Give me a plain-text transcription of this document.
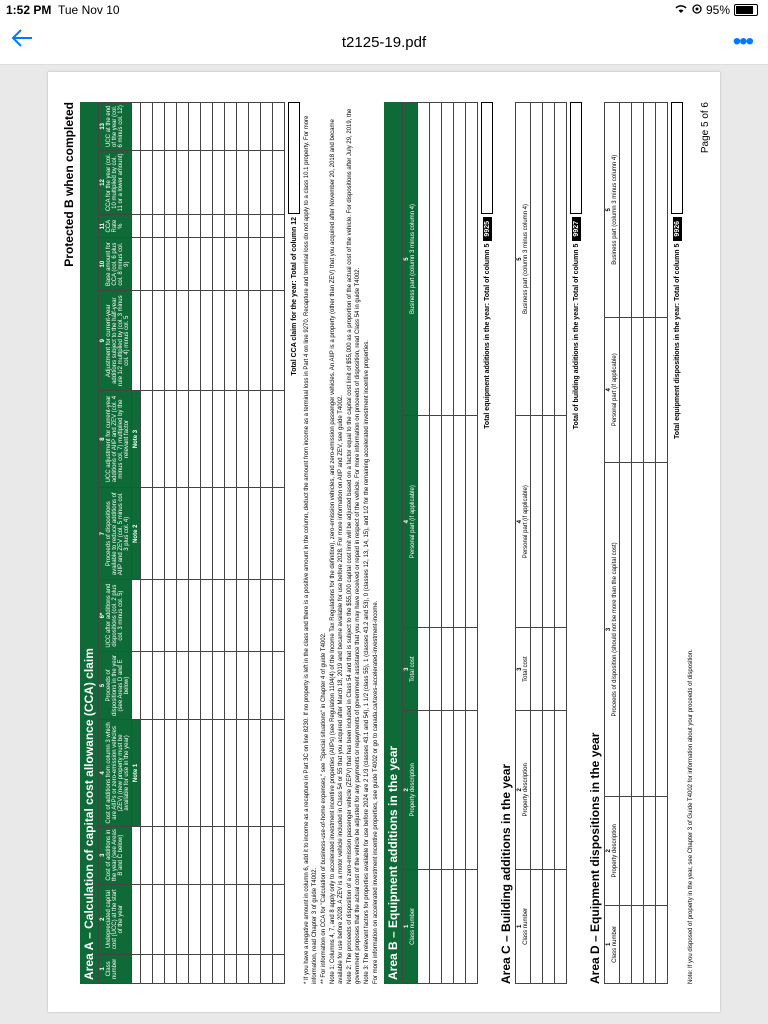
1:52 PM Tue Nov 10	95%
t2125-19.pdf	•••
Protected B when completed
Area A – Calculation of capital cost allowance (CCA) claim 1 Class number	2 Undepreciated capital cost (UCC) at the start of the year	3 Cost of additions in the year (see Areas B and C below)	4 Cost of additions from column 3 which are AIIPs or zero-emission vehicles (ZEV) (new property must be available for use in the year)	5 Proceeds of dispositions in the year (see Areas D and E below)	6* UCC after additions and dispositions (col. 2 plus col. 3 minus col. 5)	7 Proceeds of dispositions available to reduce additions of AIIP and ZEV (col. 5 minus col. 3 plus col. 4)	8 UCC adjustment for current-year additions of AIIP and ZEV (col. 4 minus col. 7) multiplied by the relevant factor	9 Adjustment for current-year additions subject to the half-year rule 1/2 multiplied by (col. 3 minus col. 4) minus col. 5	10 Base amount for CCA (col. 6 plus col. 8 minus col. 9)	11 CCA Rate %	12 CCA for the year (col. 10 multiplied by col. 11 or a lower amount)	13 UCC at the end of the year (col. 6 minus col. 12)
			Note 1			Note 2	Note 3					

Total CCA claim for the year: Total of column 12 * If you have a negative amount in column 6, add it to income as a recapture in Part 3C on line 8230. If no property is left in the class and there is a positive amount in the column, deduct the amount from income as a terminal loss in Part 4 on line 9270. Recapture and terminal loss do not apply to a class 10.1 property. For more information, read Chapter 3 of guide T4002. ** For information on CCA for "Calculation of business-use-of-home expenses," see "Special situations" in Chapter 4 of guide T4002. Note 1: Columns 4, 7, and 8 apply only to accelerated investment incentive properties (AIIPs) (see Regulation 1104(4) of the Income Tax Regulations for the definition), zero-emission vehicles, and zero-emission passenger vehicles. An AIIP is a property (other than ZEV) that you acquired after November 20, 2018 and became available for use before 2028. A ZEV is a motor vehicle included in Class 54 or 55 that you acquired after March 18, 2019 and became available for use before 2028. For more information on AIIP and ZEV, see guide T4002. Note 2: The proceeds of disposition of a zero-emission passenger vehicle (ZEPV) that has been included in Class 54 and that is subject to the $55,000 capital cost limit will be adjusted based on a factor equal to the capital cost limit of $55,000 as a proportion of the actual cost of the vehicle. For dispositions after July 29, 2019, the government proposes that the actual cost of the vehicle be adjusted for any payments or repayments of government assistance that you may have received or repaid in respect of the vehicle. For more information on proceeds of disposition, read Class 54 in guide T4002. Note 3: The relevant factors for properties available for use before 2024 are 2 1/3 (classes 43.1 and 54), 1 1/2 (class 55), 1 (classes 43.2 and 53), 0 (classes 12, 13, 14, 15), and 1/2 for the remaining accelerated investment incentive properties. For more information on accelerated investment incentive properties, see guide T4002 or go to canada.ca/taxes-accelerated-investment-income. Area B – Equipment additions in the year 1 Class number	2 Property description	3 Total cost	4 Personal part (if applicable)	5 Business part (column 3 minus column 4)

					Total equipment additions in the year: Total of column 5
9925
Area C – Building additions in the year 1 Class number	2 Property description	3 Total cost	4 Personal part (if applicable)	5 Business part (column 3 minus column 4)

					Total of building additions in the year: Total of column 5
9927
Area D – Equipment dispositions in the year 1 Class number	2 Property description	3 Proceeds of disposition (should not be more than the capital cost)	4 Personal part (if applicable)	5 Business part (column 3 minus column 4)

Total equipment dispositions in the year: Total of column 5
9926

Note: If you disposed of property in the year, see Chapter 3 of Guide T4002 for information about your proceeds of disposition.

Page 5 of 6
